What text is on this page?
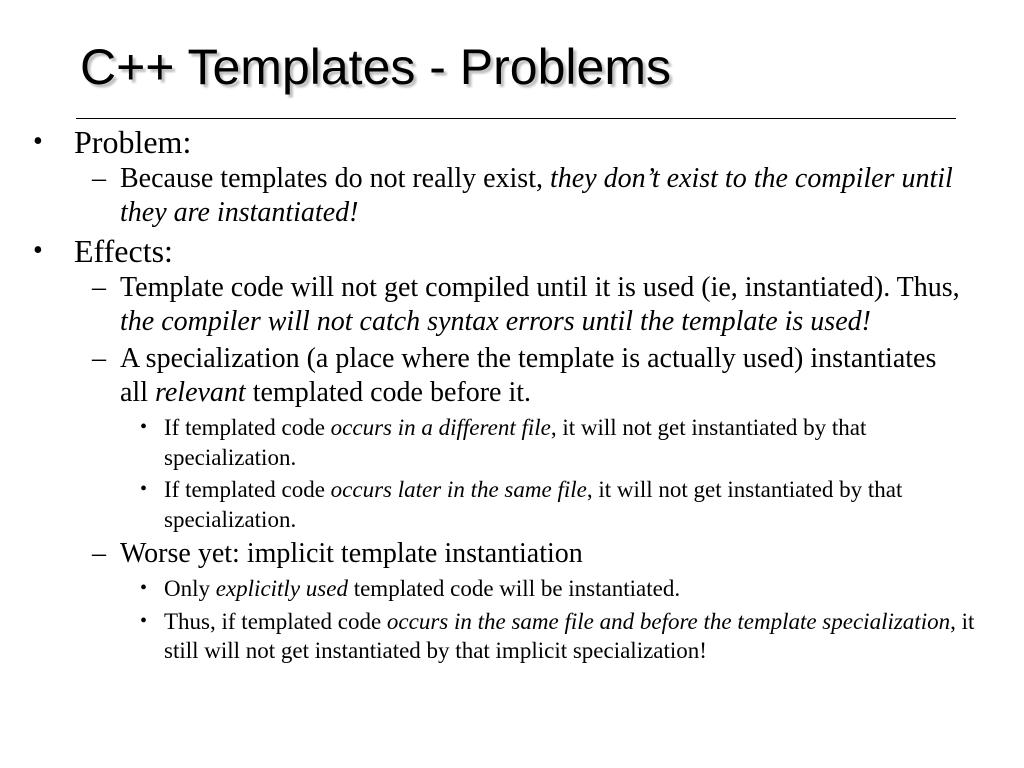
C++ Templates - Problems
• Problem:
– Because templates do not really exist, they don’t exist to the compiler until they are instantiated!
• Effects:
– Template code will not get compiled until it is used (ie, instantiated). Thus, the compiler will not catch syntax errors until the template is used!
– A specialization (a place where the template is actually used) instantiates all relevant templated code before it.
• If templated code occurs in a different file, it will not get instantiated by that specialization.
• If templated code occurs later in the same file, it will not get instantiated by that specialization.
– Worse yet: implicit template instantiation
• Only explicitly used templated code will be instantiated.
• Thus, if templated code occurs in the same file and before the template specialization, it still will not get instantiated by that implicit specialization!
